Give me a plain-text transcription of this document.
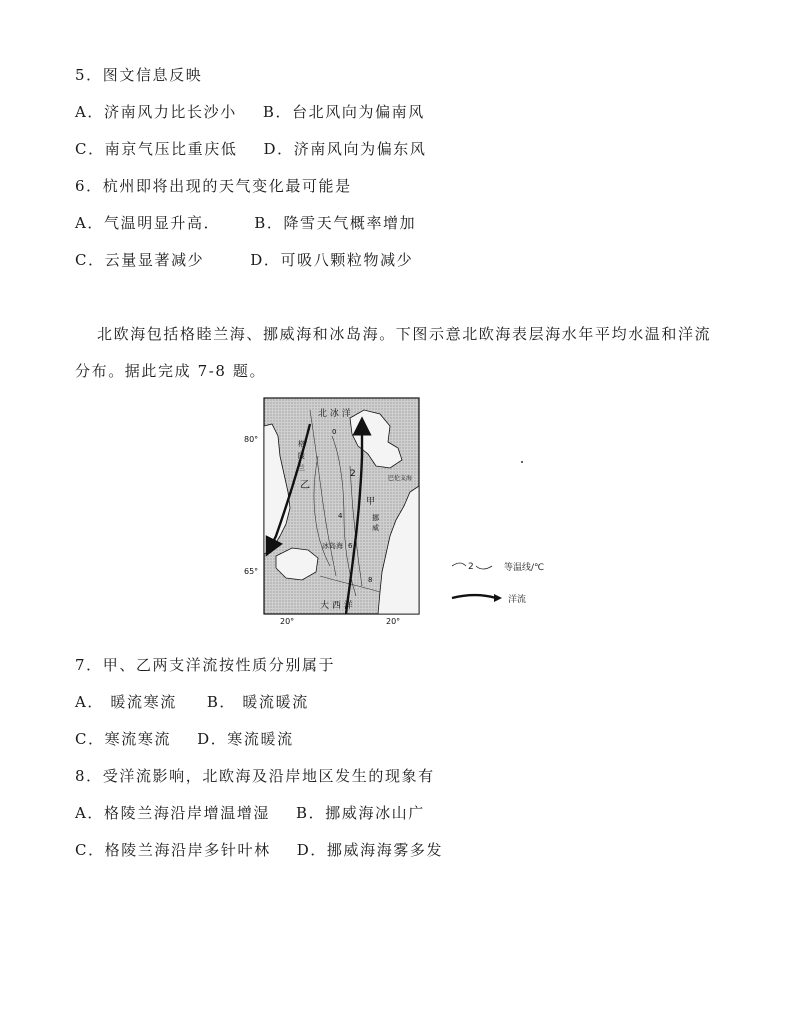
5．图文信息反映
A．济南风力比长沙小 B．台北风向为偏南风
C．南京气压比重庆低 D．济南风向为偏东风
6．杭州即将出现的天气变化最可能是
A．气温明显升高． B．降雪天气概率增加
C．云量显著减少	D．可吸八颗粒物减少
北欧海包括格睦兰海、挪威海和冰岛海。下图示意北欧海表层海水年平均水温和洋流
分布。据此完成 7-8 题。
北 冰 洋
大 西 洋
冰岛海
乙
甲
格
陵
兰
挪
威
巴伦支海
0
2
4
6
8
80°
65°
20°	20°
2	等温线/℃
洋流
7．甲、乙两支洋流按性质分别属于
A． 暖流寒流 B． 暖流暖流
C．寒流寒流 D．寒流暖流
8．受洋流影响，北欧海及沿岸地区发生的现象有
A．格陵兰海沿岸增温增湿 B．挪威海冰山广
C．格陵兰海沿岸多针叶林 D．挪威海海雾多发
